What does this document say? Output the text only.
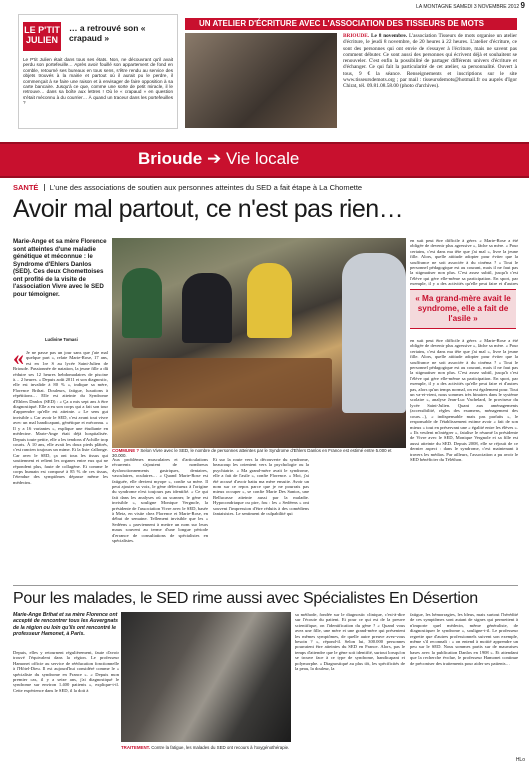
LA MONTAGNE SAMEDI 3 NOVEMBRE 2012 9
LE P'TIT
JULIEN
… a retrouvé son « crapaud »
Le P'tit Julien était dans tous ses états. Non, ne découvrant qu'il avait perdu son portefeuille… Après avoir fouillé son appartement de fond en comble, retourné ses bureaux en tous sens, s'être rendu au service des objets trouvés à la mairie et partout où il aurait pu le perdre, il commençait à se faire une raison et à envisager de faire opposition à sa carte bancaire. Jusqu'à ce que, comme une sorte de petit miracle, il le retrouve… dans sa boîte aux lettres ! Où le « crapaud » en question s'était méconnu à du courrier… À quand un traceur dans les portefeuilles ?
UN ATELIER D'ÉCRITURE AVEC L'ASSOCIATION DES TISSEURS DE MOTS
BRIOUDE. Le 8 novembre. L'association Tisseurs de mots organise un atelier d'écriture, le jeudi 8 novembre, de 20 heures à 22 heures. L'atelier d'écriture, ce sont des personnes qui ont envie de s'essayer à l'écriture, mais ne savent pas comment débuter. Ce sont aussi des personnes qui écrivent déjà et souhaitent se renouveler. C'est enfin la possibilité de partager différents univers d'écriture et d'échanger. Ce qui fait la particularité de cet atelier, sa personnalité. Ouvert à tous, 9 € la séance. Renseignements et inscriptions sur le site www.tisseursdemots.org ; par mail : tisseursdemots@hotmail.fr ou auprès d'Igor Chirat, tél. 09.81.08.58.00 (photo d'archives).
Brioude ➔ Vie locale
SANTÉ L'une des associations de soutien aux personnes atteintes du SED a fait étape à La Chomette
Avoir mal partout, ce n'est pas rien…
Marie-Ange et sa mère Florence sont atteintes d'une maladie génétique et méconnue : le Syndrome d'Ehlers Danlos (SED). Ces deux Chomettoises ont profité de la visite de l'association Vivre avec le SED pour témoigner.
Ludivine Tomasi
COMMUNE ? Selon Vivre avec le SED, le nombre de personnes atteintes par le Syndrome d'Ehlers Danlos en France est estimé entre 5.000 et 30.000.
« Je ne passe pas un jour sans que j'aie mal quelque part », relate Marie-Rose, 17 ans, est en 1re S au lycée Saint-Julien de Brioude. Passionnée de natation, la jeune fille a dû réduire ses 12 heures hebdomadaires de piscine à… 2 heures. « Depuis août 2011 et son diagnostic, elle est invalide à 80 % », indique sa mère, Florence Brihat. Douleurs, fatigue, luxations à répétitions… Elle est atteinte du Syndrome d'Ehlers Danlos (SED) : « Ça a mis sept ans à être diagnostiqué. Elle a eu son corps qui a fait son tour d'apprendre qu'elle est atteinte. « Le sens gut invisible » Car avoir le SED, c'est avant tout vivre avec un mal handicapant, génétique et méconnu. « Il y a 16 variantes », explique une étudiante en médecine. Marie-Ange était déjà hospitalisée. Depuis toute petite, elle a les tendons d'Achille trop courts. À 10 ans, elle avait les doux pieds plâtrés, c'est rancien toujours un mime. Et la liste s'allonge. Car avec le SED, ça ont tous les tissus qui soutiennent et relient les organes entre eux qui ne répondent plus, faute de collagène. Et comme le corps humain est composé à 85 % de ces tissus, l'étendue des symptômes dépasse même les médecins.
Aux problèmes musculaires et d'articulations récurrents s'ajoutent de nombreux dysfonctionnements gastriques, dentaires, vasculaires, oculaires… « Quand Marie-Rose est fatiguée, elle devient myope », confie sa mère. Il peut ajouter sa voix, le gène défectueux à l'origine du syndrome n'est toujours pas identifié. « Ce qui fait dans les analyses où au scanner, le gène est invisible », souligne Monique Vergnole, la présidente de l'association Vivre avec le SED, basée à Metz, en visite chez Florence et Marie-Rose, en début de semaine. Tellement invisible que les « Sedéens » parviennent à mettre un nom sur leurs maux souvent au terme d'une longue période d'errance de consultations de spécialistes en spécialistes.
Et sur la route vers la découverte du syndrome, beaucoup les orientent vers la psychologie ou la psychiatrie. « Ma grand-mère avait le syndrome, elle a fait de l'asile », confie Florence. « Moi, j'ai été accusé d'avoir battu ma mère ensuite. Avoir un nom sur ce repos parce que je ne pourrais pas mieux occuper », se confie Marie Des Santos, une Bellucasse atteinte aussi par la maladie. Hypocondriaque ou pire, fou : les « Sedéens » ont souvent l'impression d'être réduits à des comédiens fantaisistes. Le sentiment de culpabilité qui
en suit peut être difficile à gérer. « Marie-Rose a été obligée de devenir plus agressive », lâche sa mère. « Pour certains, c'est dans ma tête que j'ai mal », livre la jeune fille. Alors, quelle attitude adopter pour éviter que la souffrance ne soit associée à du cinéma ? « Tout le personnel pédagogique est au courant, mais il ne faut pas la stigmatiser non plus. C'est assez subtil, jusqu'à c'est l'élève qui gère elle-même sa participation. En sport, par exemple, il y a des activités qu'elle peut faire et d'autres
« Ma grand-mère avait le syndrome, elle a fait de l'asile »
en suit peut être difficile à gérer. « Marie-Rose a été obligée de devenir plus agressive », lâche sa mère. « Pour certains, c'est dans ma tête que j'ai mal », livre la jeune fille. Alors, quelle attitude adopter pour éviter que la souffrance ne soit associée à du cinéma ? « Tout le personnel pédagogique est au courant, mais il ne faut pas la stigmatiser non plus. C'est assez subtil, jusqu'à c'est l'élève qui gère elle-même sa participation. En sport, par exemple, il y a des activités qu'elle peut faire et d'autres pas, alors qu'un temps normal, on est également pour. Tout un va-et-vient, nous sommes très binaires dans le système scolaire », analyse Jean-Luc Vachelard, le proviseur du lycée Saint-Julien. Quant aux aménagements (accessibilité, règles des examens, ménagement des cours…), « indispensable mais pas parfaits », le responsable de l'établissement estime avoir « fait de son mieux » tout en préservant une « égalité entre les élèves ». « Ils veulent m'intégrer », fatalise le résumé la présidente de Vivre avec le SED, Monique Vergnole et sa fille est aussi atteinte du SED. Depuis 2008, elle se réjouit de ce dernier aspect : dans le syndrome, c'est maintenant à travers les médias. Par ailleurs, l'association a pu avoir le SED bénéficier du Téléthon.
Pour les malades, le SED rime aussi avec Spécialistes En Désertion
Marie-Ange Brihat et sa mère Florence ont accepté de rencontrer tous les Auvergnats de la région ou loin qu'ils ont rencontré le professeur Hamonet, à Paris.
Depuis, elles y retournent régulièrement, faute d'avoir trouvé l'équivalent dans la région. Le professeur Hamonet officie au service de rééducation fonctionnelle à l'Hôtel-Dieu. Il est aujourd'hui considéré comme le « spécialiste du syndrome en France ». « Depuis mon premier cas, il y a seize ans, j'ai diagnostiqué le syndrome sur environ 1.400 patients », explique-t-il. Cette expérience dans le SED, il la doit à
TRAITEMENT. Contre la fatigue, les malades du SED ont recours à l'oxygénothérapie.
sa méthode, fondée sur le diagnostic clinique, c'est-à-dire sur l'écoute du patient. Et pour ce qui est de la preuve scientifique, on l'identification du gène ? « Quand vous avez une fille, une mère et une grand-mère qui présentent les mêmes symptômes, de quelle autre preuve avez-vous besoin ? », répond-il. Selon lui, 300.000 personnes pourraient être atteintes du SED en France. Alors, pas le temps d'attendre que le gène soit identifié, surtout lorsqu'on se trouve face à ce type de syndrome, handicapant et polymorphe. « Diagnostiqué au plus tôt, les spécificités de la peau, la douleur, la
fatigue, les hémorragies, les bleus, mais surtout l'hérédité de ces symptômes sont autant de signes qui permettent à n'importe quel médecin, même généraliste, de diagnostiquer le syndrome », souligne-t-il. Le professeur regrette que d'autres professionnels suivent son exemple, même s'il reconnaît : « on entend à moitié apprendre un peu sur le SED. Nous sommes partis sur de mauvaises bases avec la publication Danlos en 1908 ». Et attendant que la recherche évolue, le professeur Hamonet continue de préconiser des traitements pour aider ses patients…
HLo
